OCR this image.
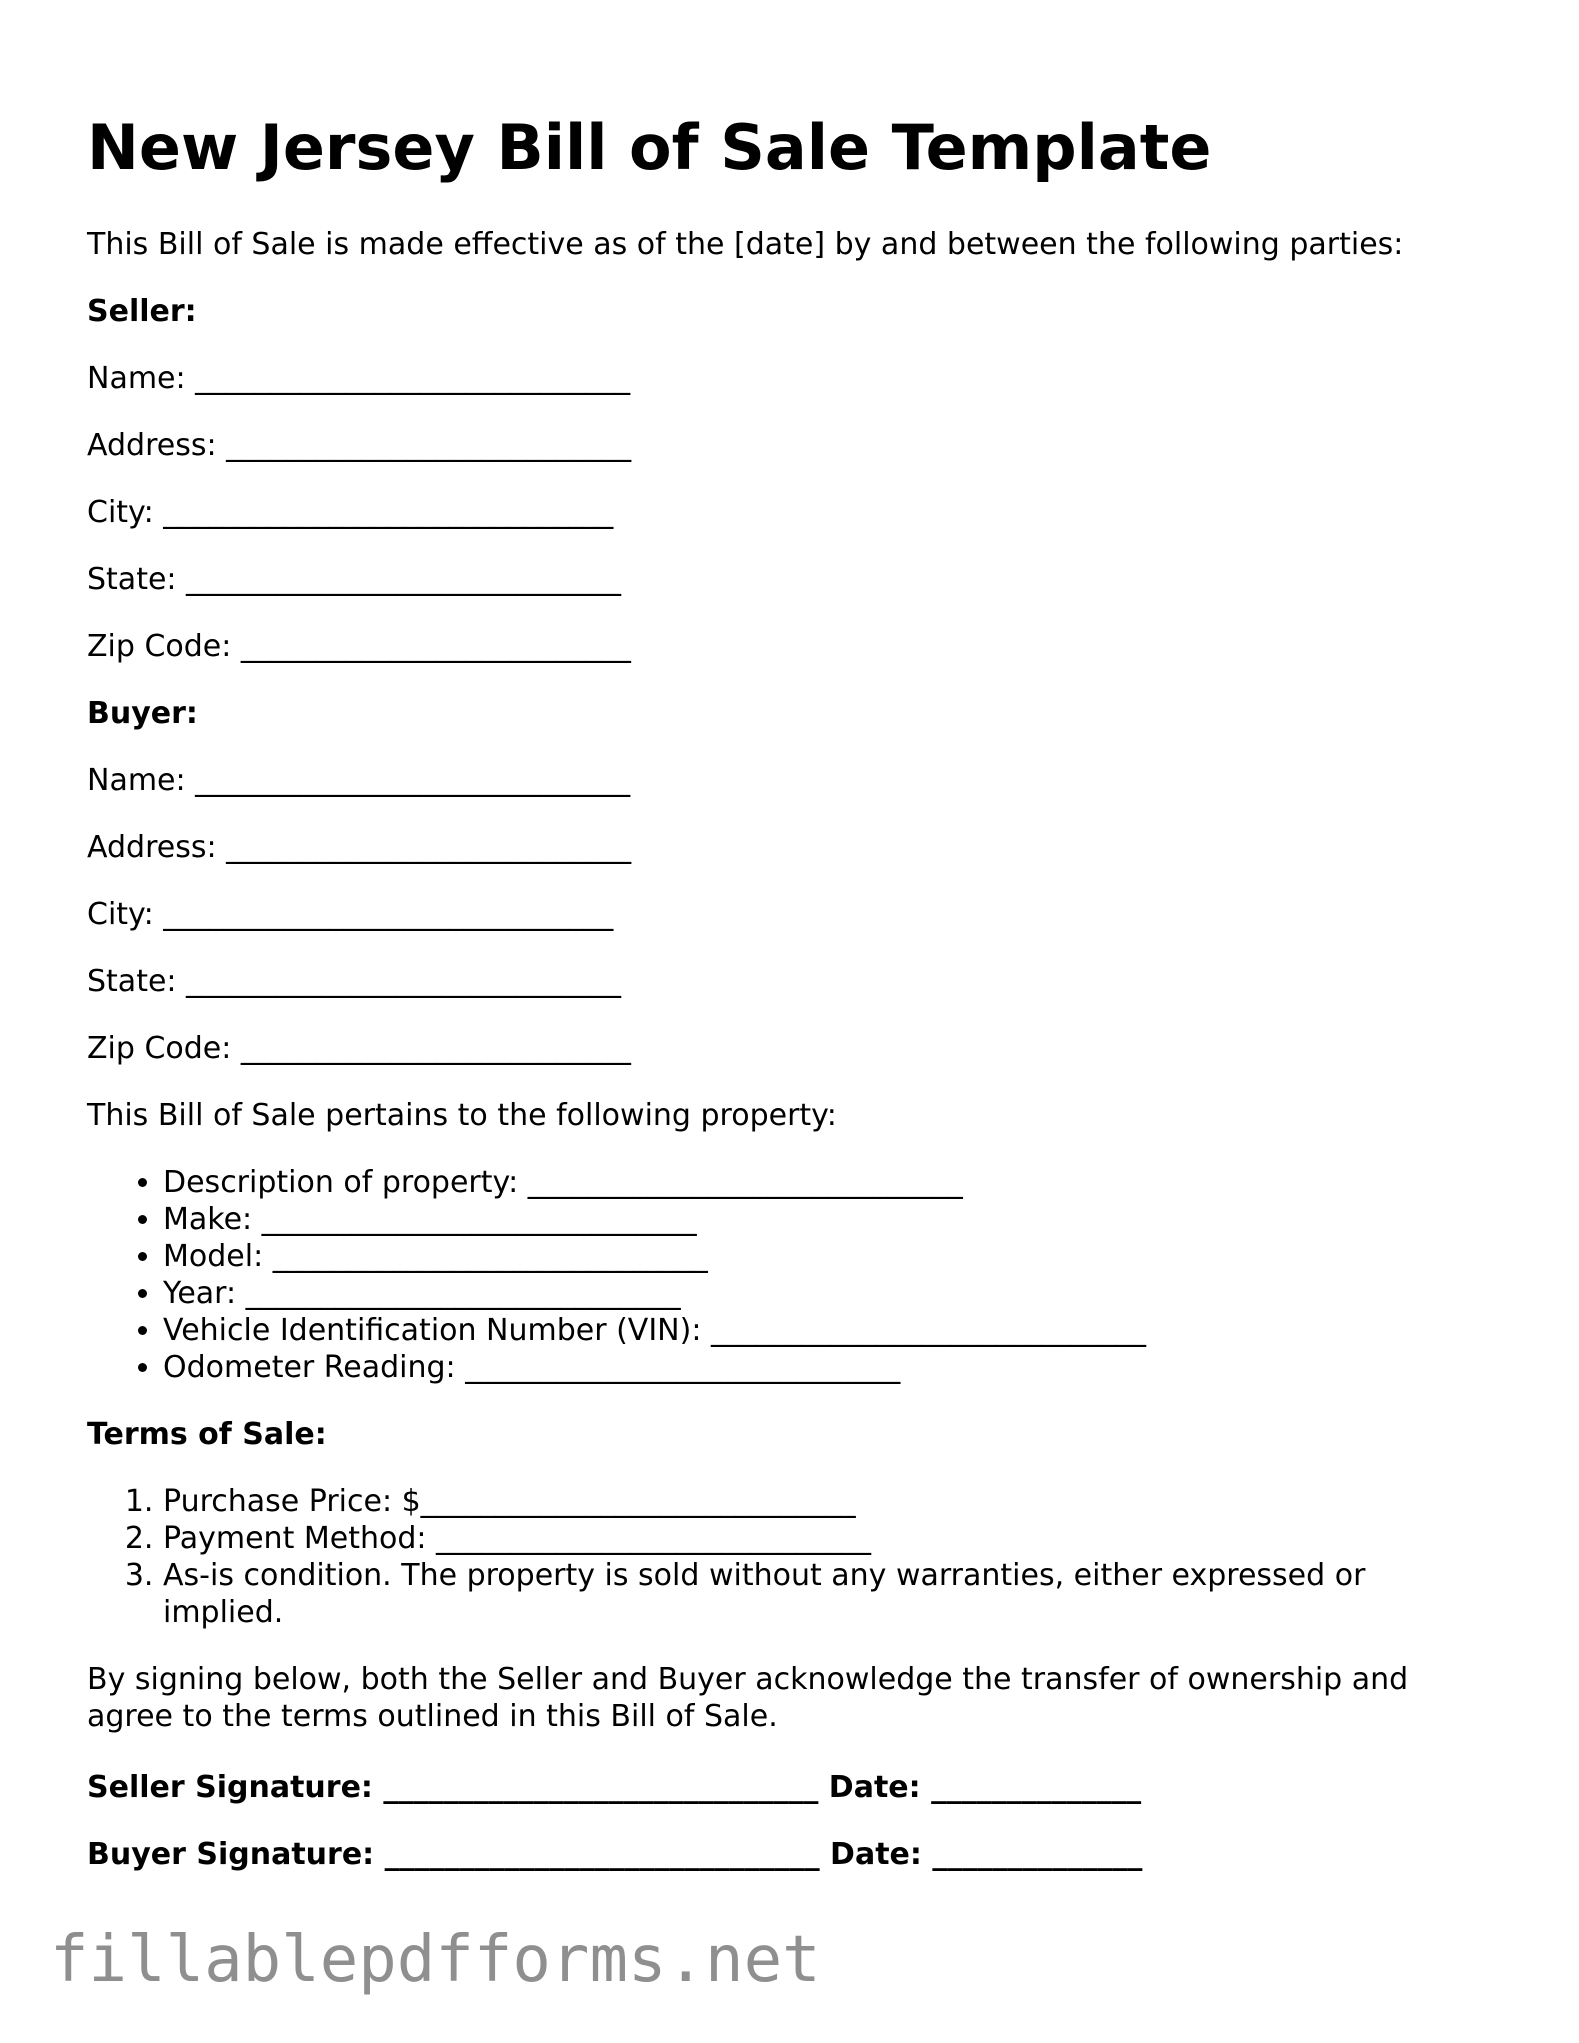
New Jersey Bill of Sale Template

This Bill of Sale is made effective as of the [date] by and between the following parties:

Seller:

Name: _____________________________

Address: ___________________________

City: ______________________________

State: _____________________________

Zip Code: __________________________

Buyer:

Name: _____________________________

Address: ___________________________

City: ______________________________

State: _____________________________

Zip Code: __________________________

This Bill of Sale pertains to the following property:

• Description of property: _____________________________
• Make: _____________________________
• Model: _____________________________
• Year: _____________________________
• Vehicle Identification Number (VIN): _____________________________
• Odometer Reading: _____________________________

Terms of Sale:

1. Purchase Price: $_____________________________
2. Payment Method: _____________________________
3. As-is condition. The property is sold without any warranties, either expressed or implied.

By signing below, both the Seller and Buyer acknowledge the transfer of ownership and agree to the terms outlined in this Bill of Sale.

Seller Signature: _____________________________ Date: ______________

Buyer Signature: _____________________________ Date: ______________

fillablepdfforms.net
